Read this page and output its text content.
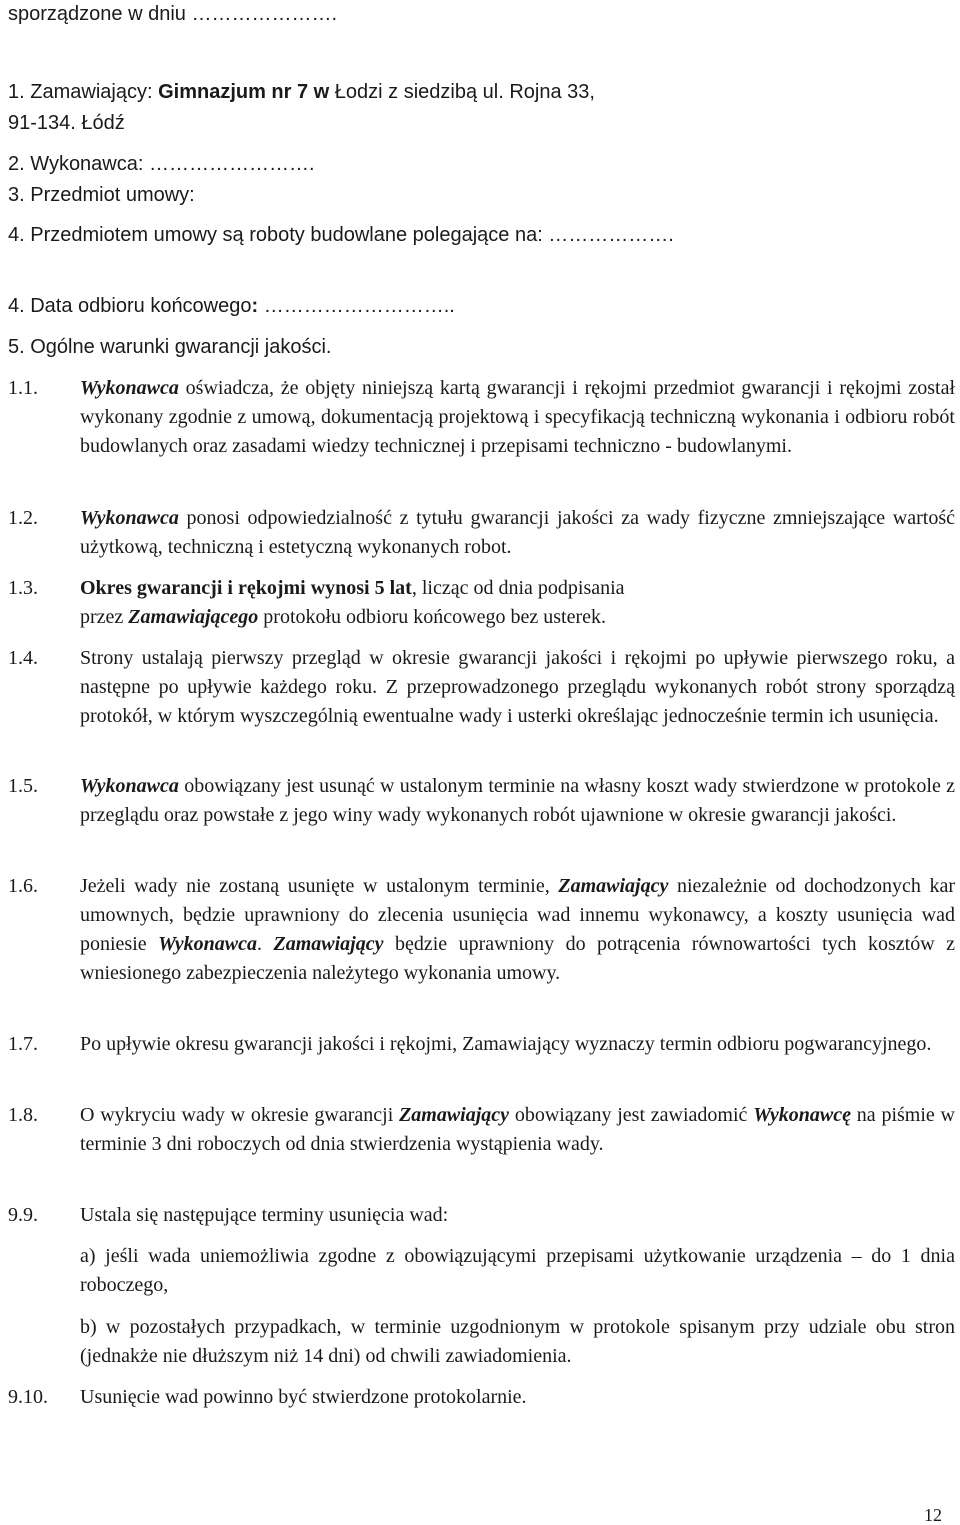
sporządzone w dniu ………………….
1. Zamawiający: Gimnazjum nr 7 w Łodzi z siedzibą ul. Rojna 33,
91-134. Łódź
2. Wykonawca: …………………….
3. Przedmiot umowy:
4. Przedmiotem umowy są roboty budowlane polegające na: ……………….
4. Data odbioru końcowego: ………………………..
5. Ogólne warunki gwarancji jakości.
1.1.	Wykonawca oświadcza, że objęty niniejszą kartą gwarancji i rękojmi przedmiot gwarancji i rękojmi został wykonany zgodnie z umową, dokumentacją projektową i specyfikacją techniczną wykonania i odbioru robót budowlanych oraz zasadami wiedzy technicznej i przepisami techniczno - budowlanymi.
1.2.	Wykonawca ponosi odpowiedzialność z tytułu gwarancji jakości za wady fizyczne zmniejszające wartość użytkową, techniczną i estetyczną wykonanych robot.
1.3.	Okres gwarancji i rękojmi wynosi 5 lat, licząc od dnia podpisania
przez Zamawiającego protokołu odbioru końcowego bez usterek.
1.4.	Strony ustalają pierwszy przegląd w okresie gwarancji jakości i rękojmi po upływie pierwszego roku, a następne po upływie każdego roku. Z przeprowadzonego przeglądu wykonanych robót strony sporządzą protokół, w którym wyszczególnią ewentualne wady i usterki określając jednocześnie termin ich usunięcia.
1.5.	Wykonawca obowiązany jest usunąć w ustalonym terminie na własny koszt wady stwierdzone w protokole z przeglądu oraz powstałe z jego winy wady wykonanych robót ujawnione w okresie gwarancji jakości.
1.6.	Jeżeli wady nie zostaną usunięte w ustalonym terminie, Zamawiający niezależnie od dochodzonych kar umownych, będzie uprawniony do zlecenia usunięcia wad innemu wykonawcy, a koszty usunięcia wad poniesie Wykonawca. Zamawiający będzie uprawniony do potrącenia równowartości tych kosztów z wniesionego zabezpieczenia należytego wykonania umowy.
1.7.	Po upływie okresu gwarancji jakości i rękojmi, Zamawiający wyznaczy termin odbioru pogwarancyjnego.
1.8.	O wykryciu wady w okresie gwarancji Zamawiający obowiązany jest zawiadomić Wykonawcę na piśmie w terminie 3 dni roboczych od dnia stwierdzenia wystąpienia wady.
9.9.	Ustala się następujące terminy usunięcia wad:
a) jeśli wada uniemożliwia zgodne z obowiązującymi przepisami użytkowanie urządzenia – do 1 dnia roboczego,
b) w pozostałych przypadkach, w terminie uzgodnionym w protokole spisanym przy udziale obu stron (jednakże nie dłuższym niż 14 dni) od chwili zawiadomienia.
9.10.	Usunięcie wad powinno być stwierdzone protokolarnie.
12
